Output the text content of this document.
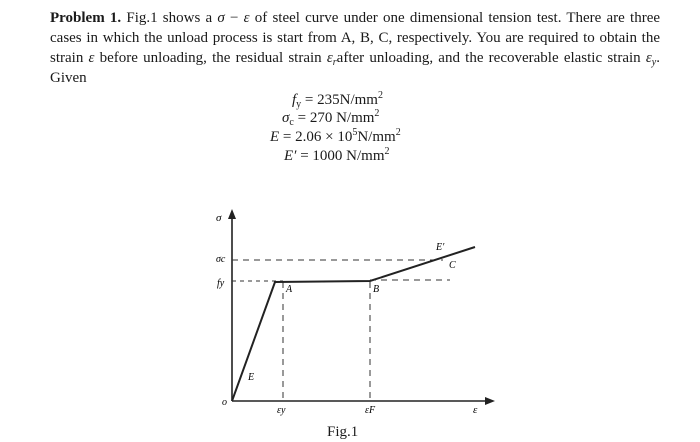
Problem 1. Fig.1 shows a σ − ε of steel curve under one dimensional tension test. There are three cases in which the unload process is start from A, B, C, respectively. You are required to obtain the strain ε before unloading, the residual strain $\varepsilon_rafter$ unloading, and the recoverable elastic strain $\varepsilon_y$. Given
$f_y = 235N/mm^2$
$\sigma_c = 270$ $N/mm^2$
$E = 2.06 \times 10^5N/mm^2$
E′ = 1000 $N/mm^2$
σ
σc
fy
o
A	B
C
E′
E
εy	εF	ε
Fig.1
